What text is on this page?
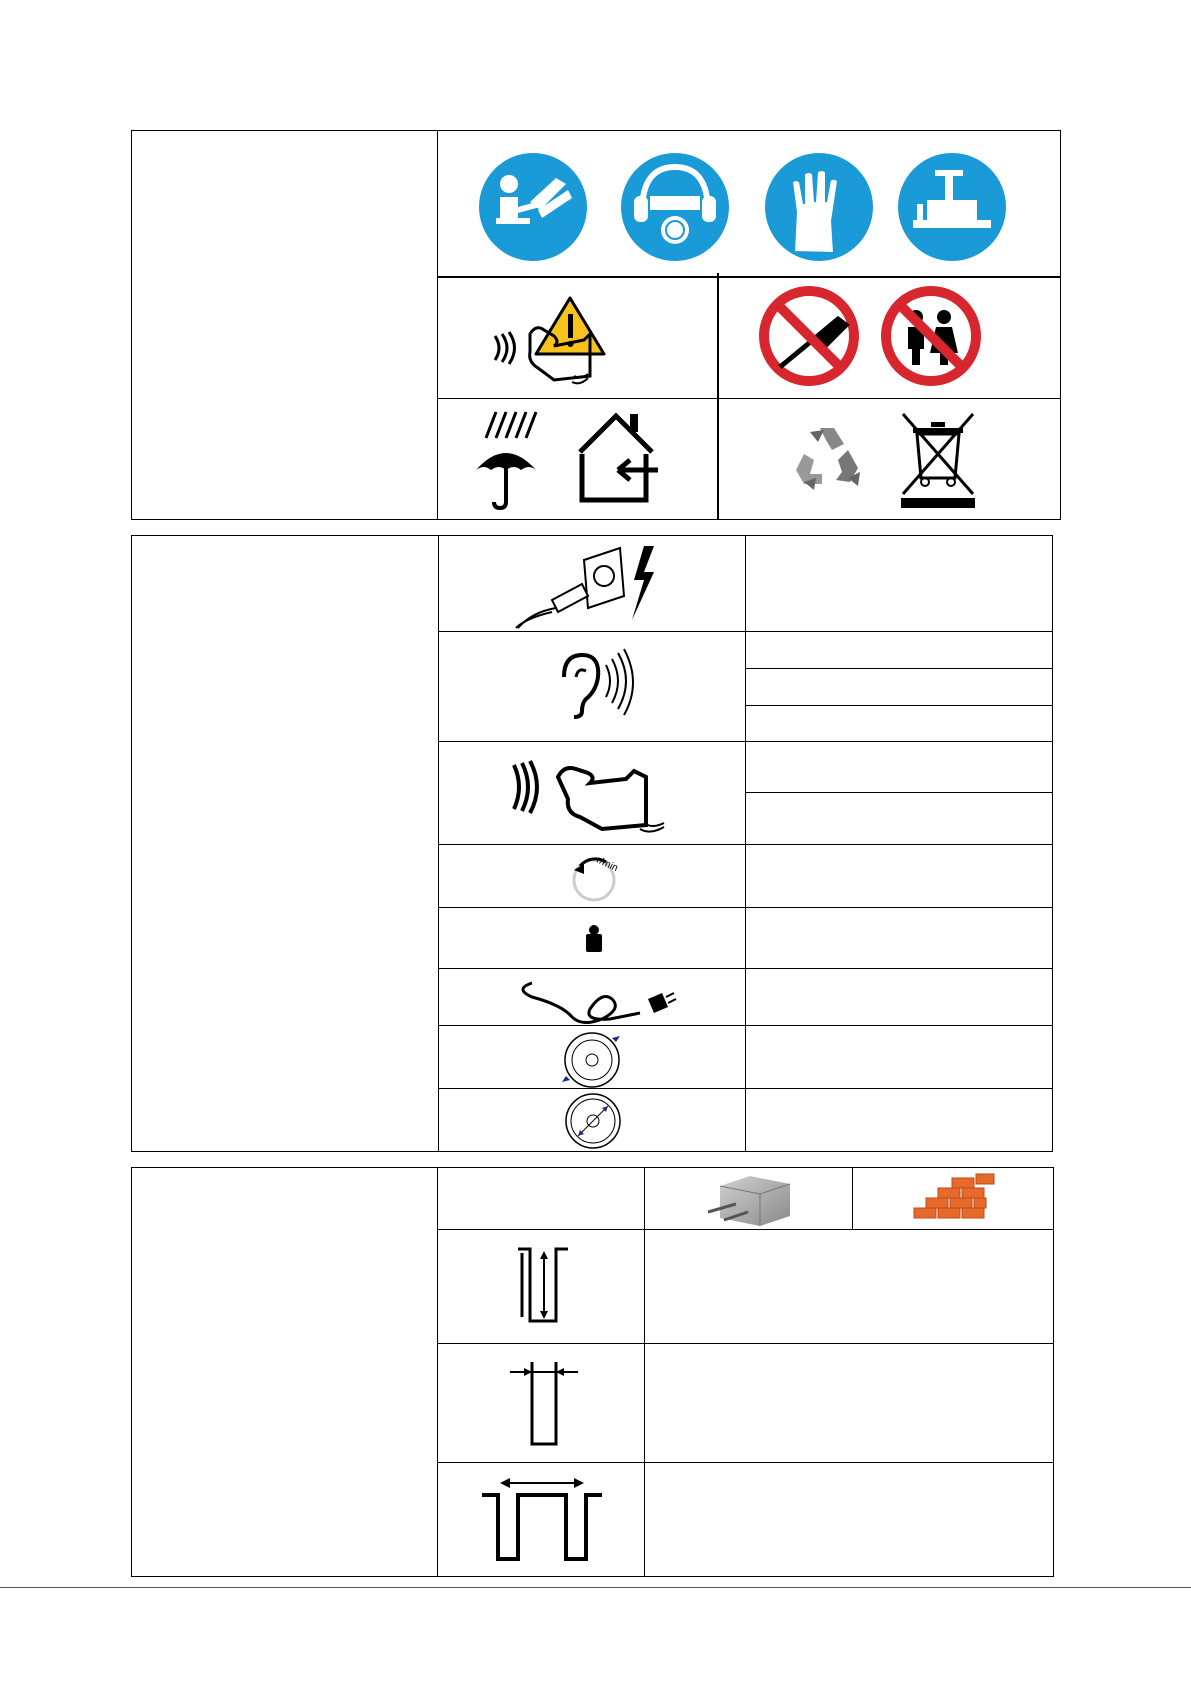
r/min
